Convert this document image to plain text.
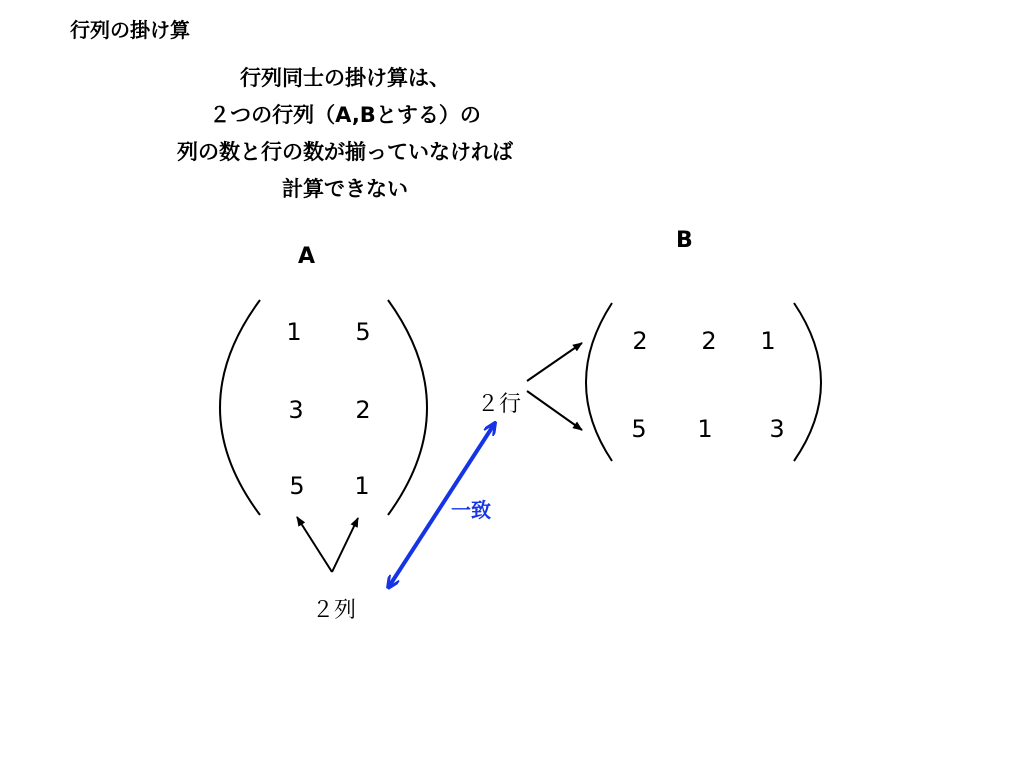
行列の掛け算
行列同士の掛け算は、
２つの行列（A,Bとする）の
列の数と行の数が揃っていなければ
計算できない
A
1 5
3 2
5 1
B
2 2 1
5 1 3
２行
２列
一致
